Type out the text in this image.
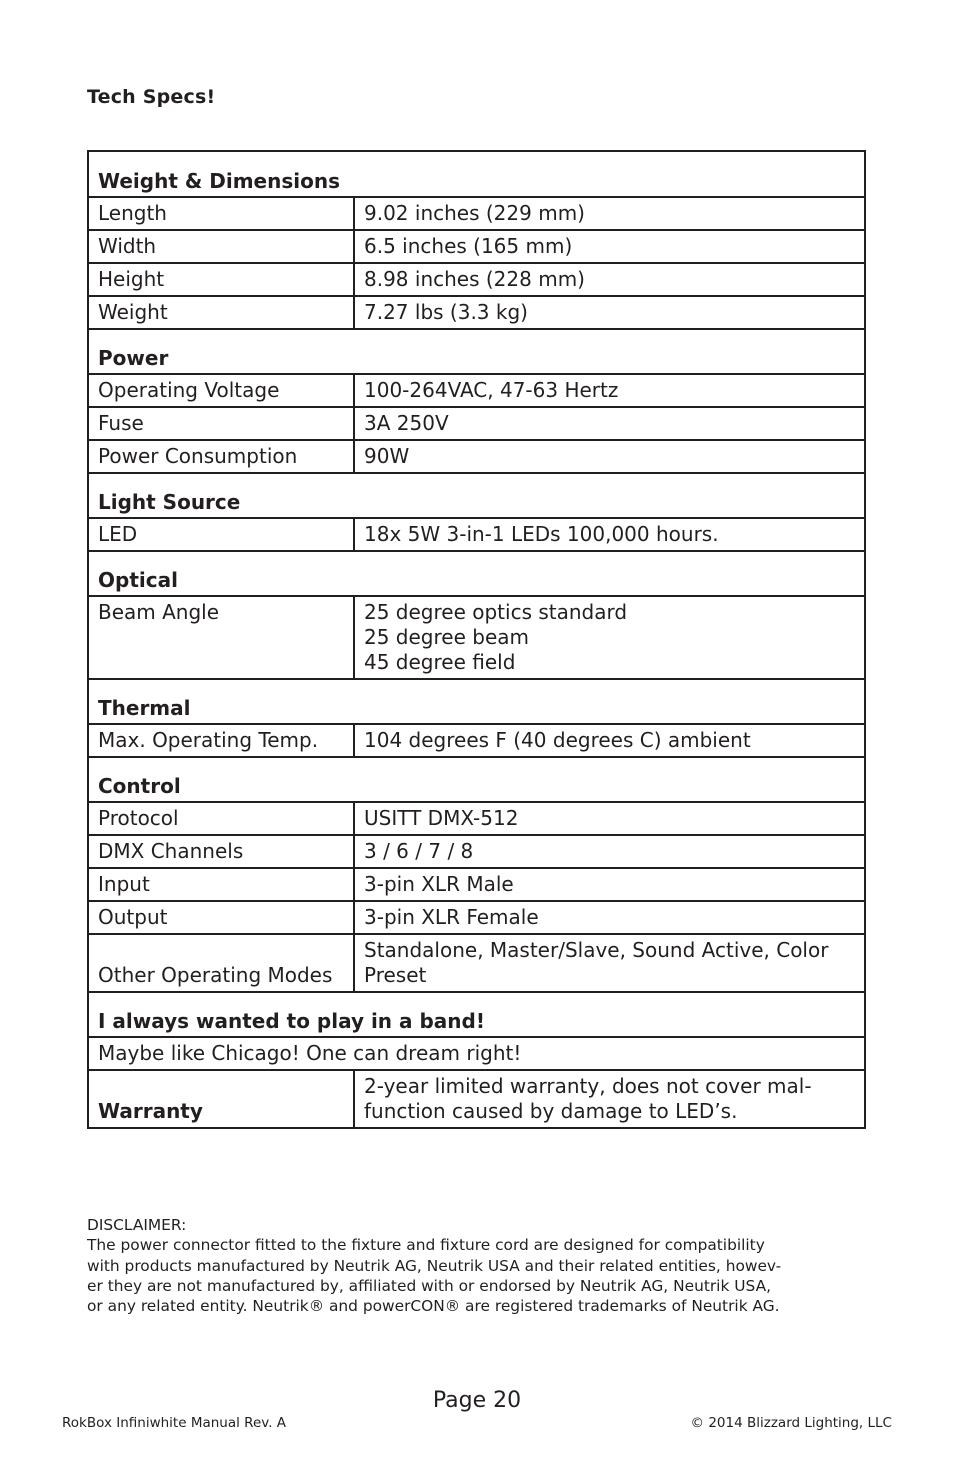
Tech Specs!
Weight & Dimensions	
Length	9.02 inches (229 mm)
Width	6.5 inches (165 mm)
Height	8.98 inches (228 mm)
Weight	7.27 lbs (3.3 kg)
Power	
Operating Voltage	100-264VAC, 47-63 Hertz
Fuse	3A 250V
Power Consumption	90W
Light Source	
LED	18x 5W 3-in-1 LEDs 100,000 hours.
Optical	
Beam Angle	25 degree optics standard
25 degree beam
45 degree field

Thermal	
Max. Operating Temp.	104 degrees F (40 degrees C) ambient
Control	
Protocol	USITT DMX-512
DMX Channels	3 / 6 / 7 / 8
Input	3-pin XLR Male
Output	3-pin XLR Female
Other Operating Modes	Standalone, Master/Slave, Sound Active, Color
Preset

I always wanted to play in a band!	
Maybe like Chicago! One can dream right!	
Warranty	2-year limited warranty, does not cover mal-
function caused by damage to LED’s.

DISCLAIMER:

The power connector fitted to the fixture and fixture cord are designed for compatibility

with products manufactured by Neutrik AG, Neutrik USA and their related entities, howev-

er they are not manufactured by, affiliated with or endorsed by Neutrik AG, Neutrik USA,

or any related entity. Neutrik® and powerCON® are registered trademarks of Neutrik AG.

Page 20
RokBox Infiniwhite Manual Rev. A	© 2014 Blizzard Lighting, LLC
